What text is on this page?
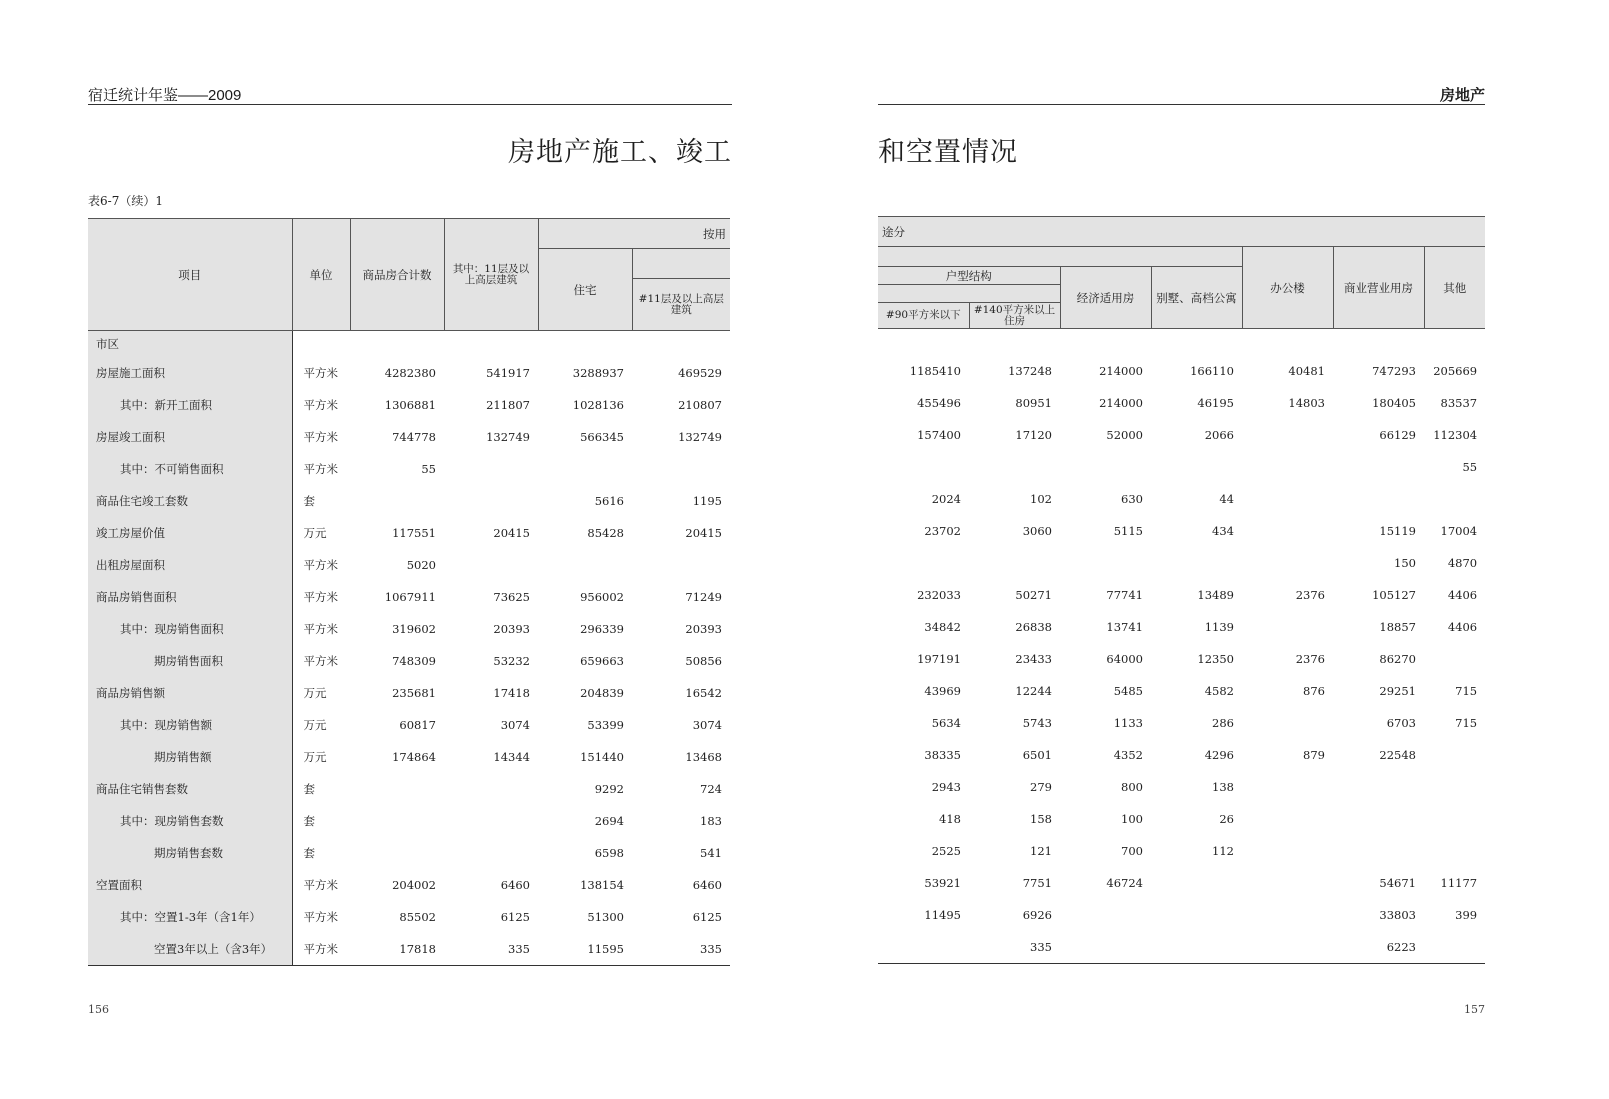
宿迁统计年鉴——2009
房地产施工、竣工
表6-7（续）1
项目	单位	商品房合计数	其中：11层及以上高层建筑	按用	
				住宅	
					#11层及以上高层建筑
市区					
房屋施工面积	平方米	4282380	541917	3288937	469529
其中：新开工面积	平方米	1306881	211807	1028136	210807
房屋竣工面积	平方米	744778	132749	566345	132749
其中：不可销售面积	平方米	55			
商品住宅竣工套数	套			5616	1195
竣工房屋价值	万元	117551	20415	85428	20415
出租房屋面积	平方米	5020			
商品房销售面积	平方米	1067911	73625	956002	71249
其中：现房销售面积	平方米	319602	20393	296339	20393
期房销售面积	平方米	748309	53232	659663	50856
商品房销售额	万元	235681	17418	204839	16542
其中：现房销售额	万元	60817	3074	53399	3074
期房销售额	万元	174864	14344	151440	13468
商品住宅销售套数	套			9292	724
其中：现房销售套数	套			2694	183
期房销售套数	套			6598	541
空置面积	平方米	204002	6460	138154	6460
其中：空置1-3年（含1年）	平方米	85502	6125	51300	6125
空置3年以上（含3年）	平方米	17818	335	11595	335
156
房地产
和空置情况
途分						
				办公楼	商业营业用房	其他
户型结构		经济适用房	别墅、高档公寓			

#90平方米以下	#140平方米以上住房					

1185410	137248	214000	166110	40481	747293	205669
455496	80951	214000	46195	14803	180405	83537
157400	17120	52000	2066		66129	112304
						55
2024	102	630	44			
23702	3060	5115	434		15119	17004
					150	4870
232033	50271	77741	13489	2376	105127	4406
34842	26838	13741	1139		18857	4406
197191	23433	64000	12350	2376	86270	
43969	12244	5485	4582	876	29251	715
5634	5743	1133	286		6703	715
38335	6501	4352	4296	879	22548	
2943	279	800	138			
418	158	100	26			
2525	121	700	112			
53921	7751	46724			54671	11177
11495	6926				33803	399
	335				6223	
157
